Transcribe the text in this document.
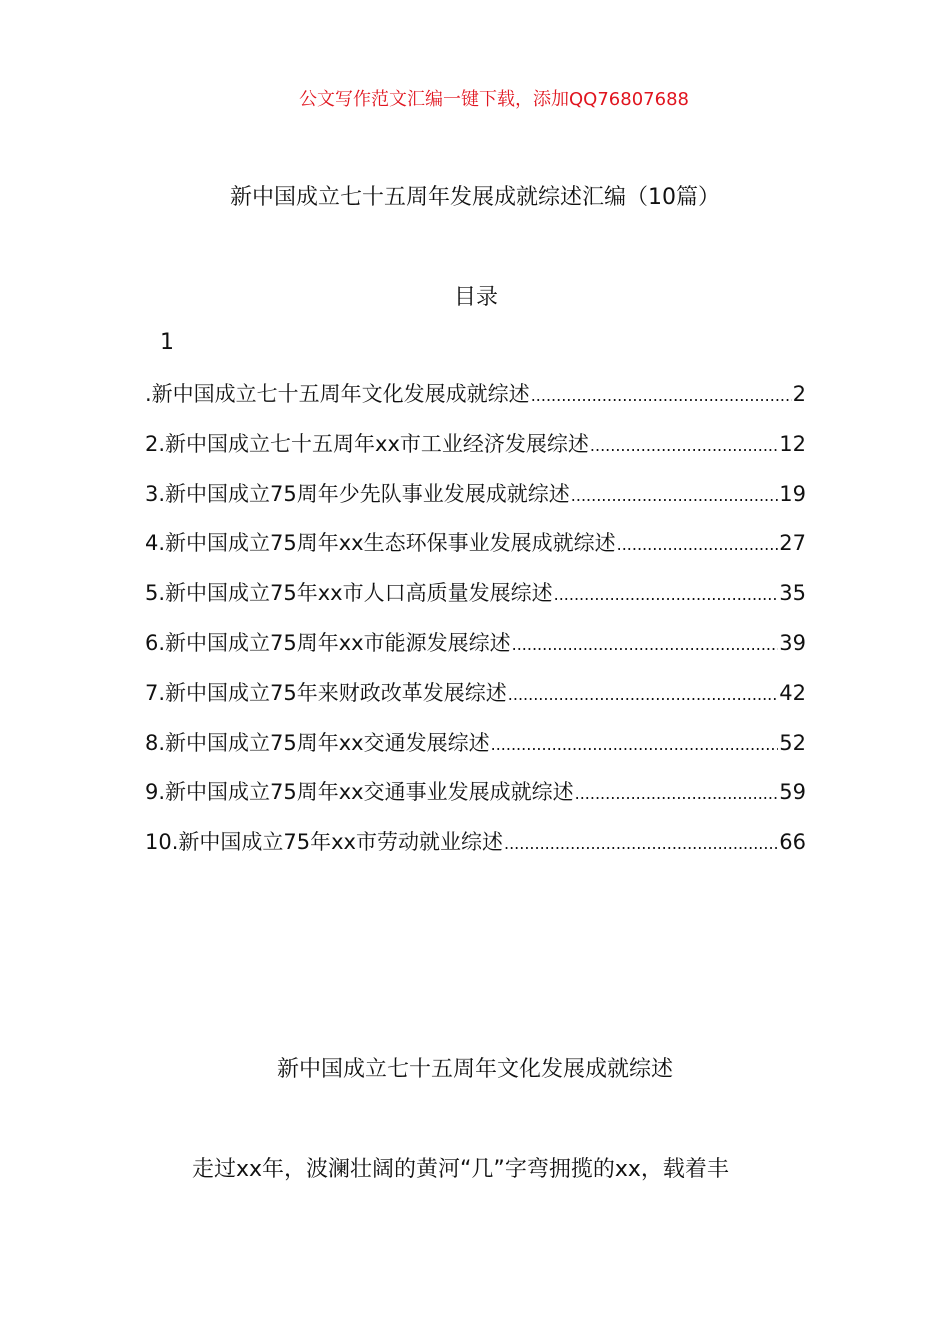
公文写作范文汇编一键下载，添加QQ76807688
新中国成立七十五周年发展成就综述汇编（10篇）
目录
1
.新中国成立七十五周年文化发展成就综述 .....	2
2.新中国成立七十五周年xx市工业经济发展综述 .....	12
3.新中国成立75周年少先队事业发展成就综述 .....	19
4.新中国成立75周年xx生态环保事业发展成就综述 .....	27
5.新中国成立75年xx市人口高质量发展综述 .....	35
6.新中国成立75周年xx市能源发展综述 .....	39
7.新中国成立75年来财政改革发展综述 .....	42
8.新中国成立75周年xx交通发展综述 .....	52
9.新中国成立75周年xx交通事业发展成就综述 .....	59
10.新中国成立75年xx市劳动就业综述 .....	66
新中国成立七十五周年文化发展成就综述
走过xx年，波澜壮阔的黄河“几”字弯拥揽的xx，载着丰
